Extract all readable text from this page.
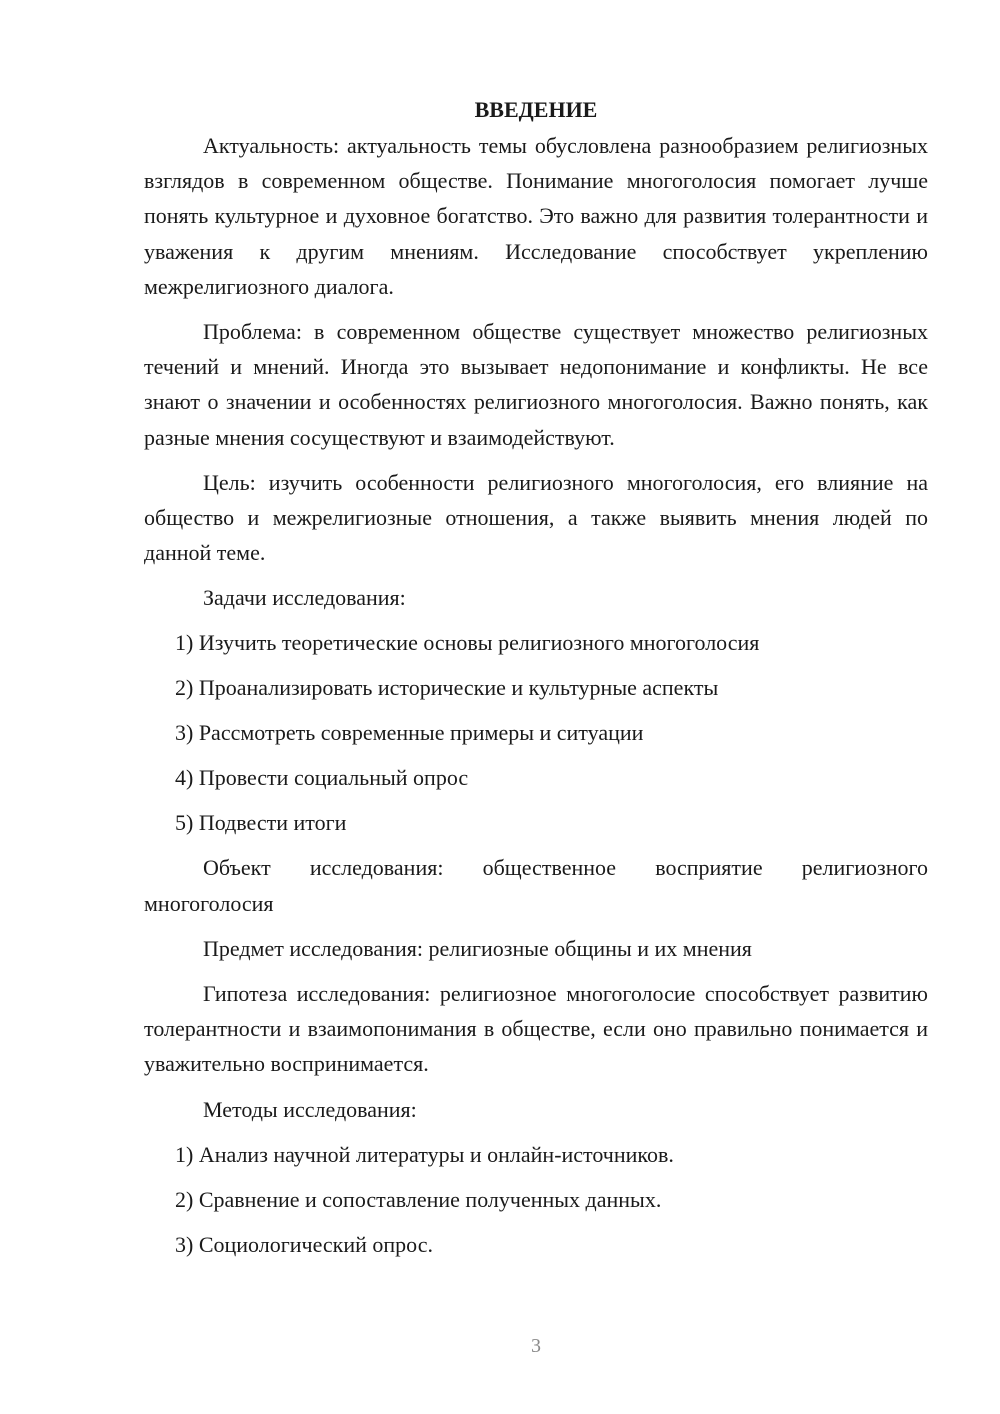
ВВЕДЕНИЕ

Актуальность: актуальность темы обусловлена разнообразием религиозных взглядов в современном обществе. Понимание многоголосия помогает лучше понять культурное и духовное богатство. Это важно для развития толерантности и уважения к другим мнениям. Исследование способствует укреплению межрелигиозного диалога.

Проблема: в современном обществе существует множество религиозных течений и мнений. Иногда это вызывает недопонимание и конфликты. Не все знают о значении и особенностях религиозного многоголосия. Важно понять, как разные мнения сосуществуют и взаимодействуют.

Цель: изучить особенности религиозного многоголосия, его влияние на общество и межрелигиозные отношения, а также выявить мнения людей по данной теме.

Задачи исследования:

1) Изучить теоретические основы религиозного многоголосия

2) Проанализировать исторические и культурные аспекты

3) Рассмотреть современные примеры и ситуации

4) Провести социальный опрос

5) Подвести итоги

Объект исследования: общественное восприятие религиозного многоголосия

Предмет исследования: религиозные общины и их мнения

Гипотеза исследования: религиозное многоголосие способствует развитию толерантности и взаимопонимания в обществе, если оно правильно понимается и уважительно воспринимается.

Методы исследования:

1) Анализ научной литературы и онлайн-источников.

2) Сравнение и сопоставление полученных данных.

3) Социологический опрос.

3
